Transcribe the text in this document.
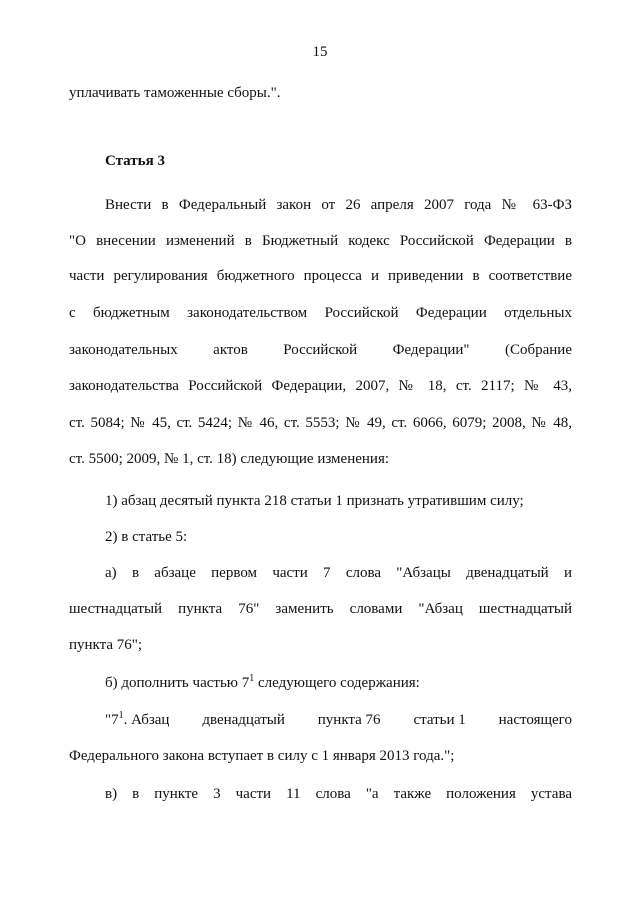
15
уплачивать таможенные сборы.".
Статья 3
Внести в Федеральный закон от 26 апреля 2007 года № 63-ФЗ
"О внесении изменений в Бюджетный кодекс Российской Федерации в
части регулирования бюджетного процесса и приведении в соответствие
с бюджетным законодательством Российской Федерации отдельных
законодательных актов Российской Федерации" (Собрание
законодательства Российской Федерации, 2007, № 18, ст. 2117; № 43,
ст. 5084; № 45, ст. 5424; № 46, ст. 5553; № 49, ст. 6066, 6079; 2008, № 48,
ст. 5500; 2009, № 1, ст. 18) следующие изменения:
1) абзац десятый пункта 218 статьи 1 признать утратившим силу;
2) в статье 5:
а) в абзаце первом части 7 слова "Абзацы двенадцатый и
шестнадцатый пункта 76" заменить словами "Абзац шестнадцатый
пункта 76";
б) дополнить частью $7^1$ следующего содержания:
"$7^1$. Абзац двенадцатый пункта 76 статьи 1 настоящего
Федерального закона вступает в силу с 1 января 2013 года.";
в) в пункте 3 части 11 слова "а также положения устава
